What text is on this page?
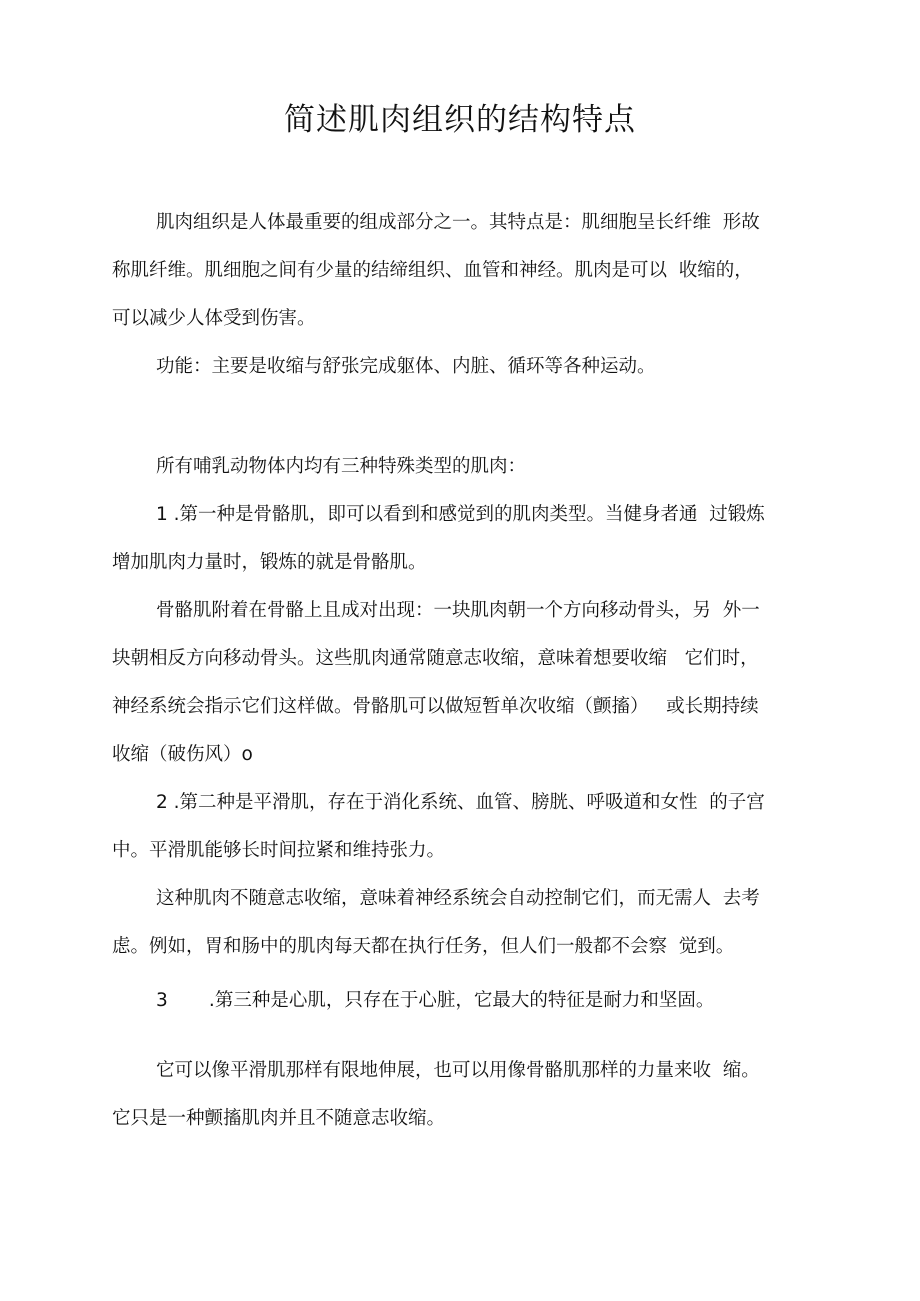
简述肌肉组织的结构特点
肌肉组织是人体最重要的组成部分之一。其特点是：肌细胞呈长纤维  形故
称肌纤维。肌细胞之间有少量的结缔组织、血管和神经。肌肉是可以  收缩的，
可以减少人体受到伤害。
功能：主要是收缩与舒张完成躯体、内脏、循环等各种运动。
所有哺乳动物体内均有三种特殊类型的肌肉：
1 .第一种是骨骼肌，即可以看到和感觉到的肌肉类型。当健身者通  过锻炼
增加肌肉力量时，锻炼的就是骨骼肌。
骨骼肌附着在骨骼上且成对出现：一块肌肉朝一个方向移动骨头，另  外一
块朝相反方向移动骨头。这些肌肉通常随意志收缩，意味着想要收缩   它们时，
神经系统会指示它们这样做。骨骼肌可以做短暂单次收缩（颤搐）   或长期持续
收缩（破伤风）o
2 .第二种是平滑肌，存在于消化系统、血管、膀胱、呼吸道和女性  的子宫
中。平滑肌能够长时间拉紧和维持张力。
这种肌肉不随意志收缩，意味着神经系统会自动控制它们，而无需人  去考
虑。例如，胃和肠中的肌肉每天都在执行任务，但人们一般都不会察  觉到。
3       .第三种是心肌，只存在于心脏，它最大的特征是耐力和坚固。
它可以像平滑肌那样有限地伸展，也可以用像骨骼肌那样的力量来收  缩。
它只是一种颤搐肌肉并且不随意志收缩。
